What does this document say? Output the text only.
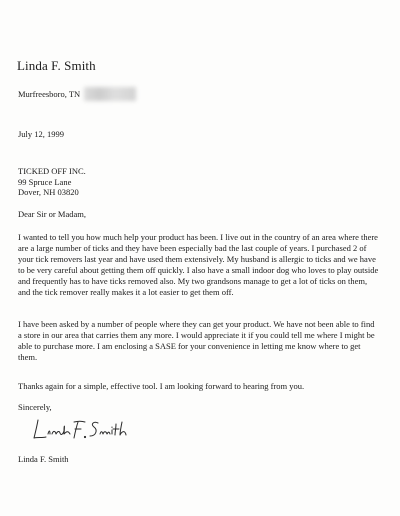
Linda F. Smith
Murfreesboro, TN
July 12, 1999
TICKED OFF INC.
99 Spruce Lane
Dover, NH 03820
Dear Sir or Madam,
I wanted to tell you how much help your product has been. I live out in the country of an area where there are a large number of ticks and they have been especially bad the last couple of years. I purchased 2 of your tick removers last year and have used them extensively. My husband is allergic to ticks and we have to be very careful about getting them off quickly. I also have a small indoor dog who loves to play outside and frequently has to have ticks removed also. My two grandsons manage to get a lot of ticks on them, and the tick remover really makes it a lot easier to get them off.
I have been asked by a number of people where they can get your product. We have not been able to find a store in our area that carries them any more. I would appreciate it if you could tell me where I might be able to purchase more. I am enclosing a SASE for your convenience in letting me know where to get them.
Thanks again for a simple, effective tool. I am looking forward to hearing from you.
Sincerely,
Linda F. Smith
